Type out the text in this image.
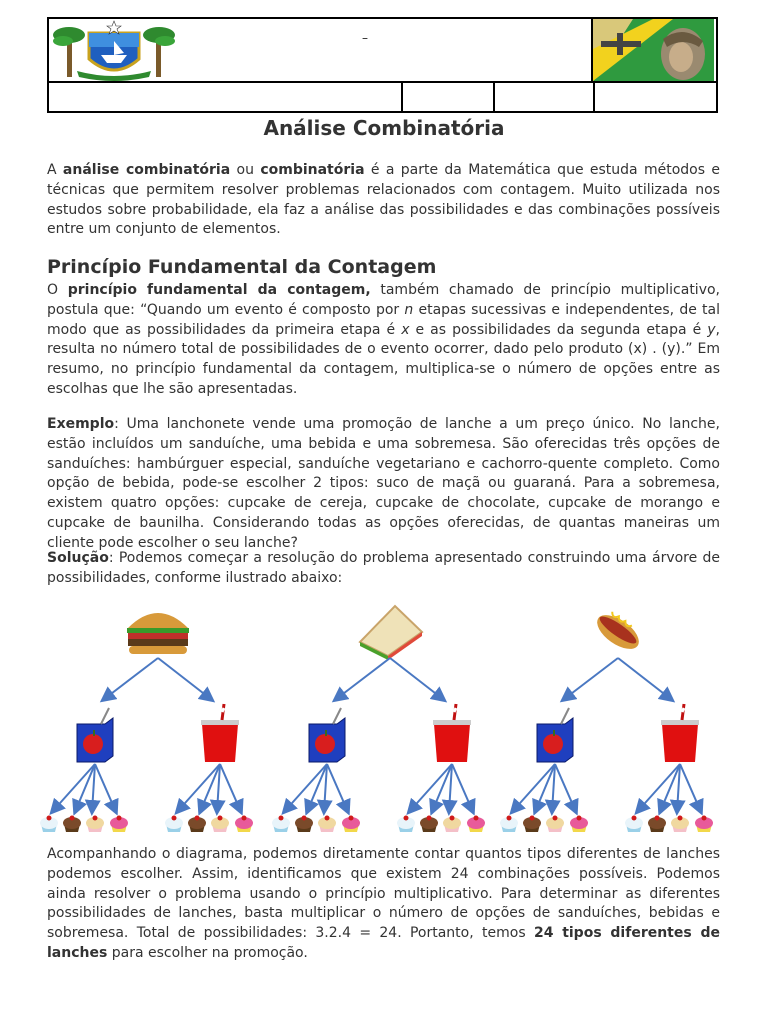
–
Análise Combinatória
A análise combinatória ou combinatória é a parte da Matemática que estuda métodos e técnicas que permitem resolver problemas relacionados com contagem. Muito utilizada nos estudos sobre probabilidade, ela faz a análise das possibilidades e das combinações possíveis entre um conjunto de elementos.
Princípio Fundamental da Contagem
O princípio fundamental da contagem, também chamado de princípio multiplicativo, postula que: “Quando um evento é composto por n etapas sucessivas e independentes, de tal modo que as possibilidades da primeira etapa é x e as possibilidades da segunda etapa é y, resulta no número total de possibilidades de o evento ocorrer, dado pelo produto (x) . (y).” Em resumo, no princípio fundamental da contagem, multiplica-se o número de opções entre as escolhas que lhe são apresentadas.
Exemplo: Uma lanchonete vende uma promoção de lanche a um preço único. No lanche, estão incluídos um sanduíche, uma bebida e uma sobremesa. São oferecidas três opções de sanduíches: hambúrguer especial, sanduíche vegetariano e cachorro-quente completo. Como opção de bebida, pode-se escolher 2 tipos: suco de maçã ou guaraná. Para a sobremesa, existem quatro opções: cupcake de cereja, cupcake de chocolate, cupcake de morango e cupcake de baunilha. Considerando todas as opções oferecidas, de quantas maneiras um cliente pode escolher o seu lanche?
Solução: Podemos começar a resolução do problema apresentado construindo uma árvore de possibilidades, conforme ilustrado abaixo:
Acompanhando o diagrama, podemos diretamente contar quantos tipos diferentes de lanches podemos escolher. Assim, identificamos que existem 24 combinações possíveis. Podemos ainda resolver o problema usando o princípio multiplicativo. Para determinar as diferentes possibilidades de lanches, basta multiplicar o número de opções de sanduíches, bebidas e sobremesa. Total de possibilidades: 3.2.4 = 24. Portanto, temos 24 tipos diferentes de lanches para escolher na promoção.
